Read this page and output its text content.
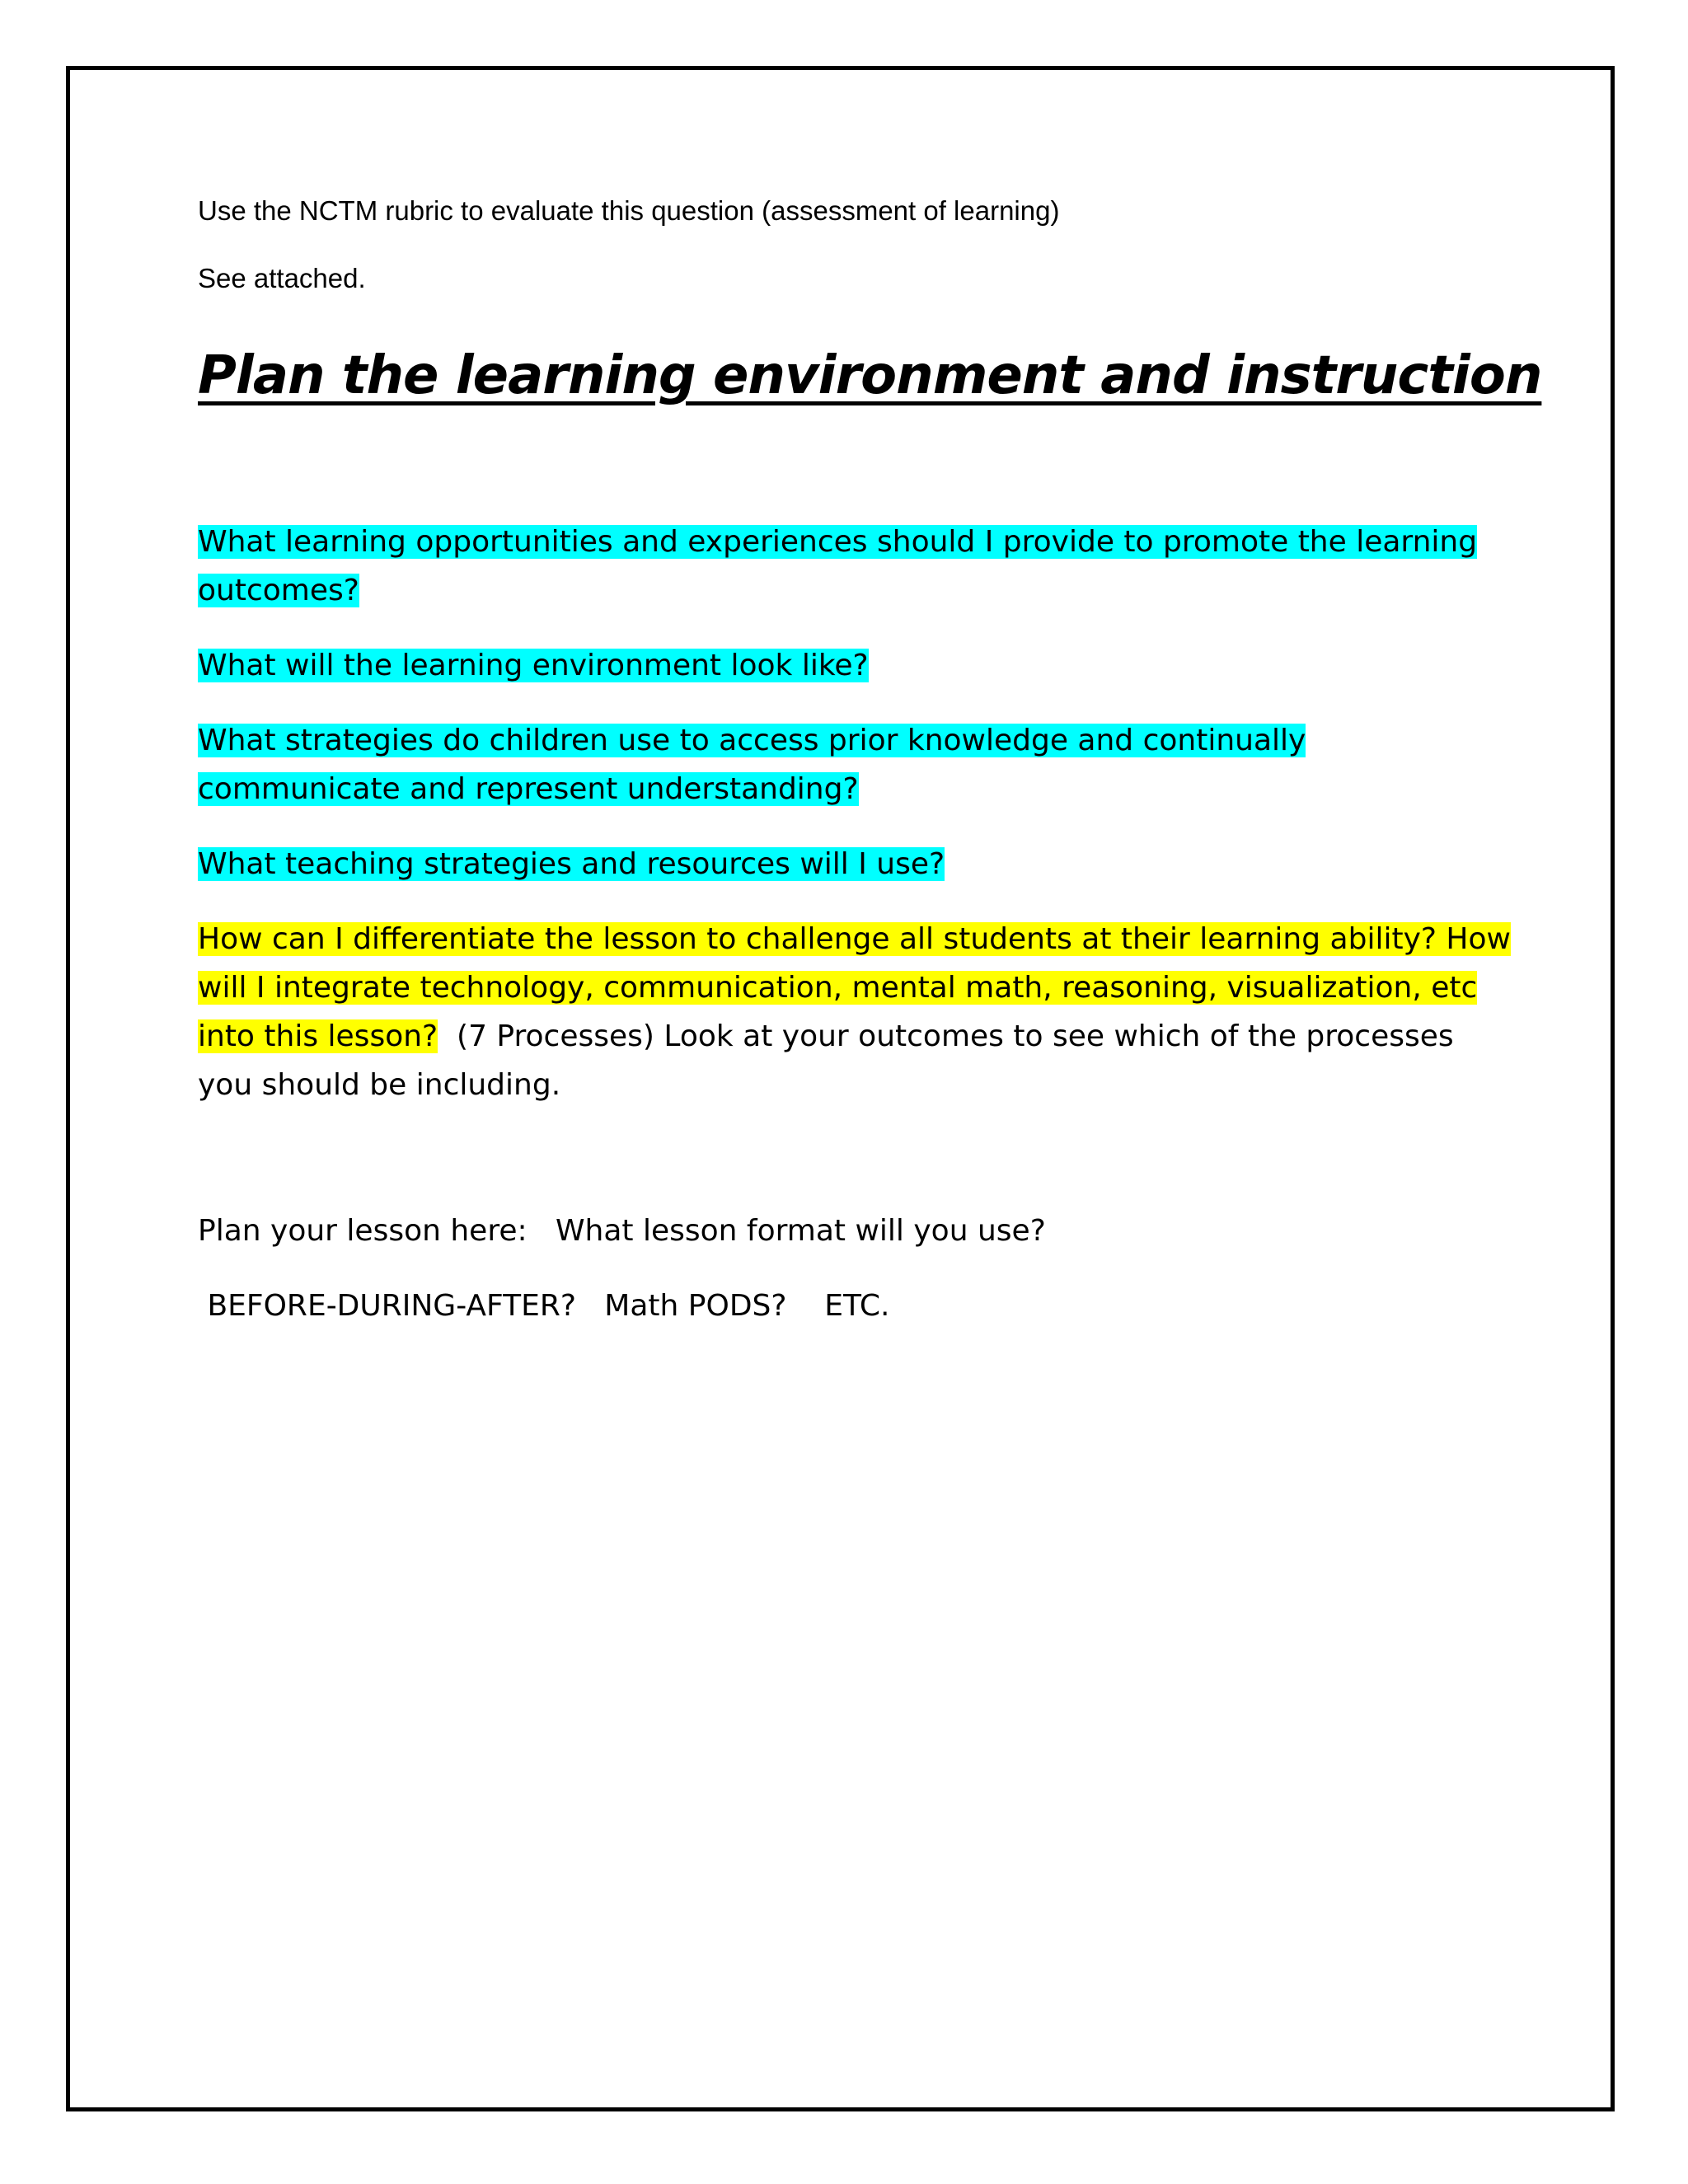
Use the NCTM rubric to evaluate this question (assessment of learning)

See attached.

Plan the learning environment and instruction

What learning opportunities and experiences should I provide to promote the learning outcomes?

What will the learning environment look like?

What strategies do children use to access prior knowledge and continually communicate and represent understanding?

What teaching strategies and resources will I use?

How can I differentiate the lesson to challenge all students at their learning ability? How will I integrate technology, communication, mental math, reasoning, visualization, etc into this lesson?  (7 Processes) Look at your outcomes to see which of the processes you should be including.

Plan your lesson here:   What lesson format will you use?

BEFORE-DURING-AFTER?   Math PODS?    ETC.
